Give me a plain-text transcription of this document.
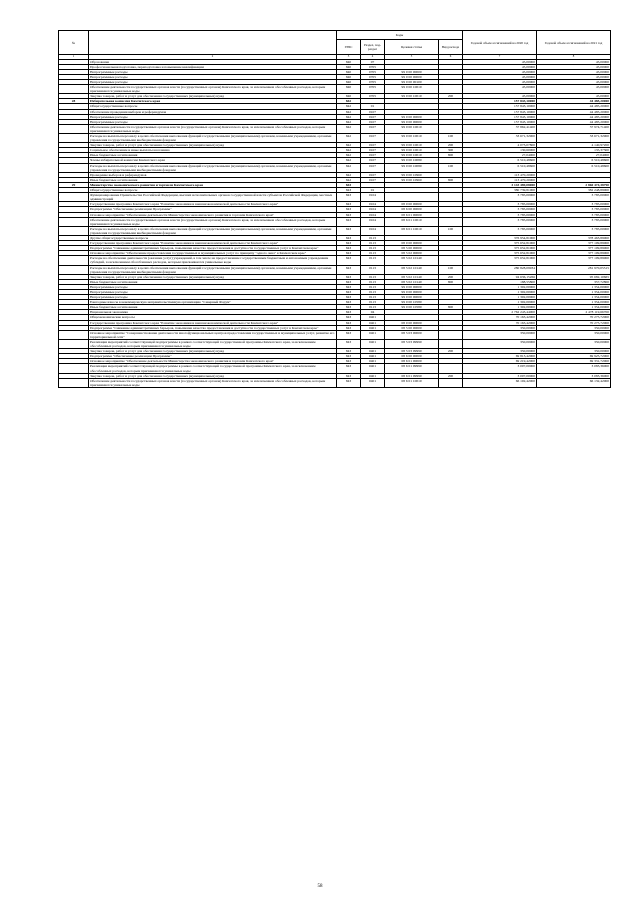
№		Коды				Годовой объем ассигнований на 2020 год	Годовой объем ассигнований на 2021 год
		ГРБС	Раздел, под-раздел	Целевая статья	Вид расхода		
1	2	3	4	5	6	7	8
	Образование	840	07			45,00000	45,00000
	Профессиональная подготовка, переподготовка и повышение квалификации	840	0705			45,00000	45,00000
	Непрограммные расходы	840	0705	99 0 00 00000		45,00000	45,00000
	Непрограммные расходы	840	0705	99 0 00 00000		45,00000	45,00000
	Непрограммные расходы	840	0705	99 0 00 00100		45,00000	45,00000
	Обеспечение деятельности государственных органов власти (государственных органов) Камчатского края, за исключением обособленных расходов, которым присваиваются уникальные коды	840	0705	99 0 00 10010		45,00000	45,00000
	Закупка товаров, работ и услуг для обеспечения государственных (муниципальных) нужд	840	0705	99 0 00 10010	200	45,00000	45,00000
28	Избирательная комиссия Камчатского края	842				157 843,10000	44 485,20000
	Общегосударственные вопросы	842	01			157 843,10000	44 485,20000
	Обеспечение проведения выборов и референдумов	842	0107			157 843,10000	44 485,20000
	Непрограммные расходы	842	0107	99 0 00 00000		157 843,10000	44 485,20000
	Непрограммные расходы	842	0107	99 0 00 00000		157 843,10000	44 485,20000
	Обеспечение деятельности государственных органов власти (государственных органов) Камчатского края, за исключением обособленных расходов, которым присваиваются уникальные коды	842	0107	99 0 00 10010		37 862,41400	37 974,71400
	Расходы на выплаты персоналу в целях обеспечения выполнения функций государственными (муниципальными) органами, казенными учреждениями, органами управления государственными внебюджетными фондами	842	0107	99 0 00 10010	100	33 671,32900	33 671,32900
	Закупка товаров, работ и услуг для обеспечения государственных (муниципальных) нужд	842	0107	99 0 00 10010	200	4 073,07800	4 140,97200
	Социальное обеспечение и иные выплаты населению	842	0107	99 0 00 10010	300	130,60000	135,37300
	Иные бюджетные ассигнования	842	0107	99 0 00 10010	800	27,04000	27,04000
	Члены избирательной комиссии Камчатского края	842	0107	99 0 00 10080		6 510,48600	6 510,48600
	Расходы на выплаты персоналу в целях обеспечения выполнения функций государственными (муниципальными) органами, казенными учреждениями, органами управления государственными внебюджетными фондами	842	0107	99 0 00 10080	100	6 510,48600	6 510,48600
	Проведение выборов и референдумов	842	0107	99 0 00 10960		113 470,20000	
	Иные бюджетные ассигнования	842	0107	99 0 00 10960	800	113 470,20000	
29	Министерство экономического развития и торговли Камчатского края	843				3 143 489,08000	2 860 474,38790
	Общегосударственные вопросы	843	01			380 739,81000	382 248,89000
	Функционирование Правительства Российской Федерации, высших исполнительных органов государственной власти субъектов Российской Федерации, местных администраций	843	0104			3 785,00000	3 785,00000
	Государственная программа Камчатского края "Развитие экономики и внешнеэкономической деятельности Камчатского края"	843	0104	08 0 00 00000		3 785,00000	3 785,00000
	Подпрограмма "Обеспечение реализации Программы"	843	0104	08 6 00 00000		3 785,00000	3 785,00000
	Основное мероприятие "Обеспечение деятельности Министерства экономического развития и торговли Камчатского края"	843	0104	08 6 01 00000		3 785,00000	3 785,00000
	Обеспечение деятельности государственных органов власти (государственных органов) Камчатского края, за исключением обособленных расходов, которым присваиваются уникальные коды	843	0104	08 6 01 10010		3 785,00000	3 785,00000
	Расходы на выплаты персоналу в целях обеспечения выполнения функций государственными (муниципальными) органами, казенными учреждениями, органами управления государственными внебюджетными фондами	843	0104	08 6 01 10010	100	3 785,00000	3 785,00000
	Другие общегосударственные вопросы	843	0113			376 954,81000	378 463,89000
	Государственная программа Камчатского края "Развитие экономики и внешнеэкономической деятельности Камчатского края"	843	0113	08 0 00 00000		375 652,81000	377 109,89000
	Подпрограмма "Снижение административных барьеров, повышение качества предоставления и доступности государственных услуг в Камчатском крае"	843	0113	08 5 00 00000		375 652,81000	377 109,89000
	Основное мероприятие "Обеспечение предоставления государственных и муниципальных услуг по принципу "одного окна" в Камчатском крае"	843	0113	08 5 02 00000		375 652,81000	377 109,89000
	Расходы на обеспечение деятельности (оказание услуг) учреждений, в том числе на предоставление государственным бюджетным и автономным учреждениям субсидий, за исключением обособленных расходов, которым присваиваются уникальные коды	843	0113	08 5 02 10140		375 652,81000	377 109,89000
	Расходы на выплаты персоналу в целях обеспечения выполнения функций государственными (муниципальными) органами, казенными учреждениями, органами управления государственными внебюджетными фондами	843	0113	08 5 02 10140	100	280 828,09934	281 970,05515
	Закупка товаров, работ и услуг для обеспечения государственных (муниципальных) нужд	843	0113	08 5 02 10140	200	94 636,15266	95 682,10665
	Иные бюджетные ассигнования	843	0113	08 5 02 10140	800	188,55800	357,72800
	Непрограммные расходы	843	0113	99 0 00 00000		1 302,00000	1 354,00000
	Непрограммные расходы	843	0113	99 0 00 00000		1 302,00000	1 354,00000
	Непрограммные расходы	843	0113	99 0 00 00000		1 302,00000	1 354,00000
	Ежегодные взносы в некоммерческую неправительственную организацию "Северный Форум"	843	0113	99 0 00 10580		1 302,00000	1 354,00000
	Иные бюджетные ассигнования	843	0113	99 0 00 10580	800	1 302,00000	1 354,00000
	Национальная экономика	843	04			2 762 243,44000	2 478 119,66700
	Общеэкономические вопросы	843	0401			70 163,42000	70 275,72000
	Государственная программа Камчатского края "Развитие экономики и внешнеэкономической деятельности Камчатского края"	843	0401	08 0 00 00000		70 163,42000	70 275,72000
	Подпрограмма "Снижение административных барьеров, повышение качества предоставления и доступности государственных услуг в Камчатском крае"	843	0401	08 5 00 00000		350,00000	350,00000
	Основное мероприятие "Совершенствование деятельности многофункциональных центров предоставления государственных и муниципальных услуг, развитие его территориальной сети"	843	0401	08 5 03 00000		350,00000	350,00000
	Реализация мероприятий соответствующей подпрограммы в рамках соответствующей государственной программы Камчатского края, за исключением обособленных расходов, которым присваиваются уникальные коды	843	0401	08 5 03 09990		350,00000	350,00000
	Закупка товаров, работ и услуг для обеспечения государственных (муниципальных) нужд	843	0401	08 5 03 09990	200	350,00000	350,00000
	Подпрограмма "Обеспечение реализации Программы"	843	0401	08 6 00 00000		69 813,42000	69 925,72000
	Основное мероприятие "Обеспечение деятельности Министерства экономического развития и торговли Камчатского края"	843	0401	08 6 01 00000		69 219,42000	69 331,72000
	Реализация мероприятий соответствующей подпрограммы в рамках соответствующей государственной программы Камчатского края, за исключением обособленных расходов, которым присваиваются уникальные коды	843	0401	08 6 01 09990		3 007,00000	3 083,36000
	Закупка товаров, работ и услуг для обеспечения государственных (муниципальных) нужд	843	0401	08 6 01 09990	200	3 007,00000	3 083,36000
	Обеспечение деятельности государственных органов власти (государственных органов) Камчатского края, за исключением обособленных расходов, которым присваиваются уникальные коды	843	0401	08 6 01 10010		66 102,42000	66 132,42000
58
